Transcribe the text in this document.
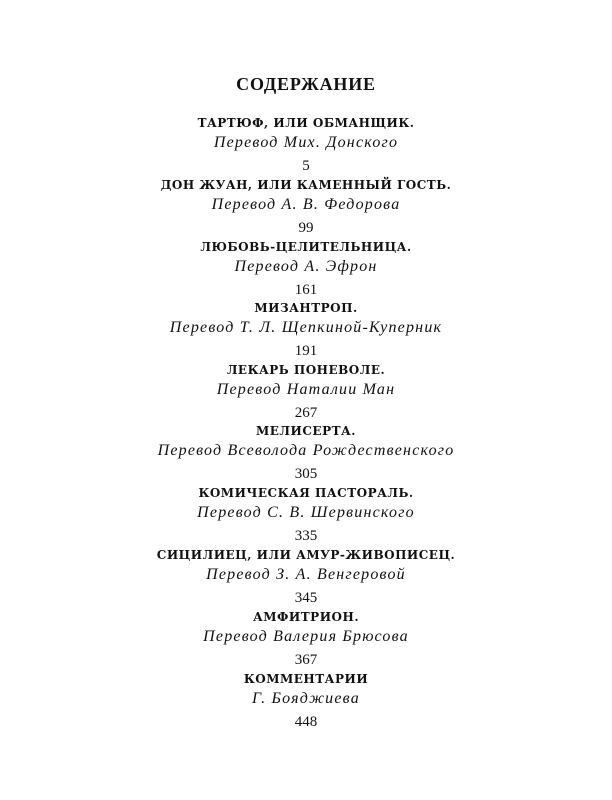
СОДЕРЖАНИЕ
ТАРТЮФ, ИЛИ ОБМАНЩИК.
Перевод Мих. Донского
5
ДОН ЖУАН, ИЛИ КАМЕННЫЙ ГОСТЬ.
Перевод А. В. Федорова
99
ЛЮБОВЬ-ЦЕЛИТЕЛЬНИЦА.
Перевод А. Эфрон
161
МИЗАНТРОП.
Перевод Т. Л. Щепкиной-Куперник
191
ЛЕКАРЬ ПОНЕВОЛЕ.
Перевод Наталии Ман
267
МЕЛИСЕРТА.
Перевод Всеволода Рождественского
305
КОМИЧЕСКАЯ ПАСТОРАЛЬ.
Перевод С. В. Шервинского
335
СИЦИЛИЕЦ, ИЛИ АМУР-ЖИВОПИСЕЦ.
Перевод З. А. Венгеровой
345
АМФИТРИОН.
Перевод Валерия Брюсова
367
КОММЕНТАРИИ
Г. Бояджиева
448
